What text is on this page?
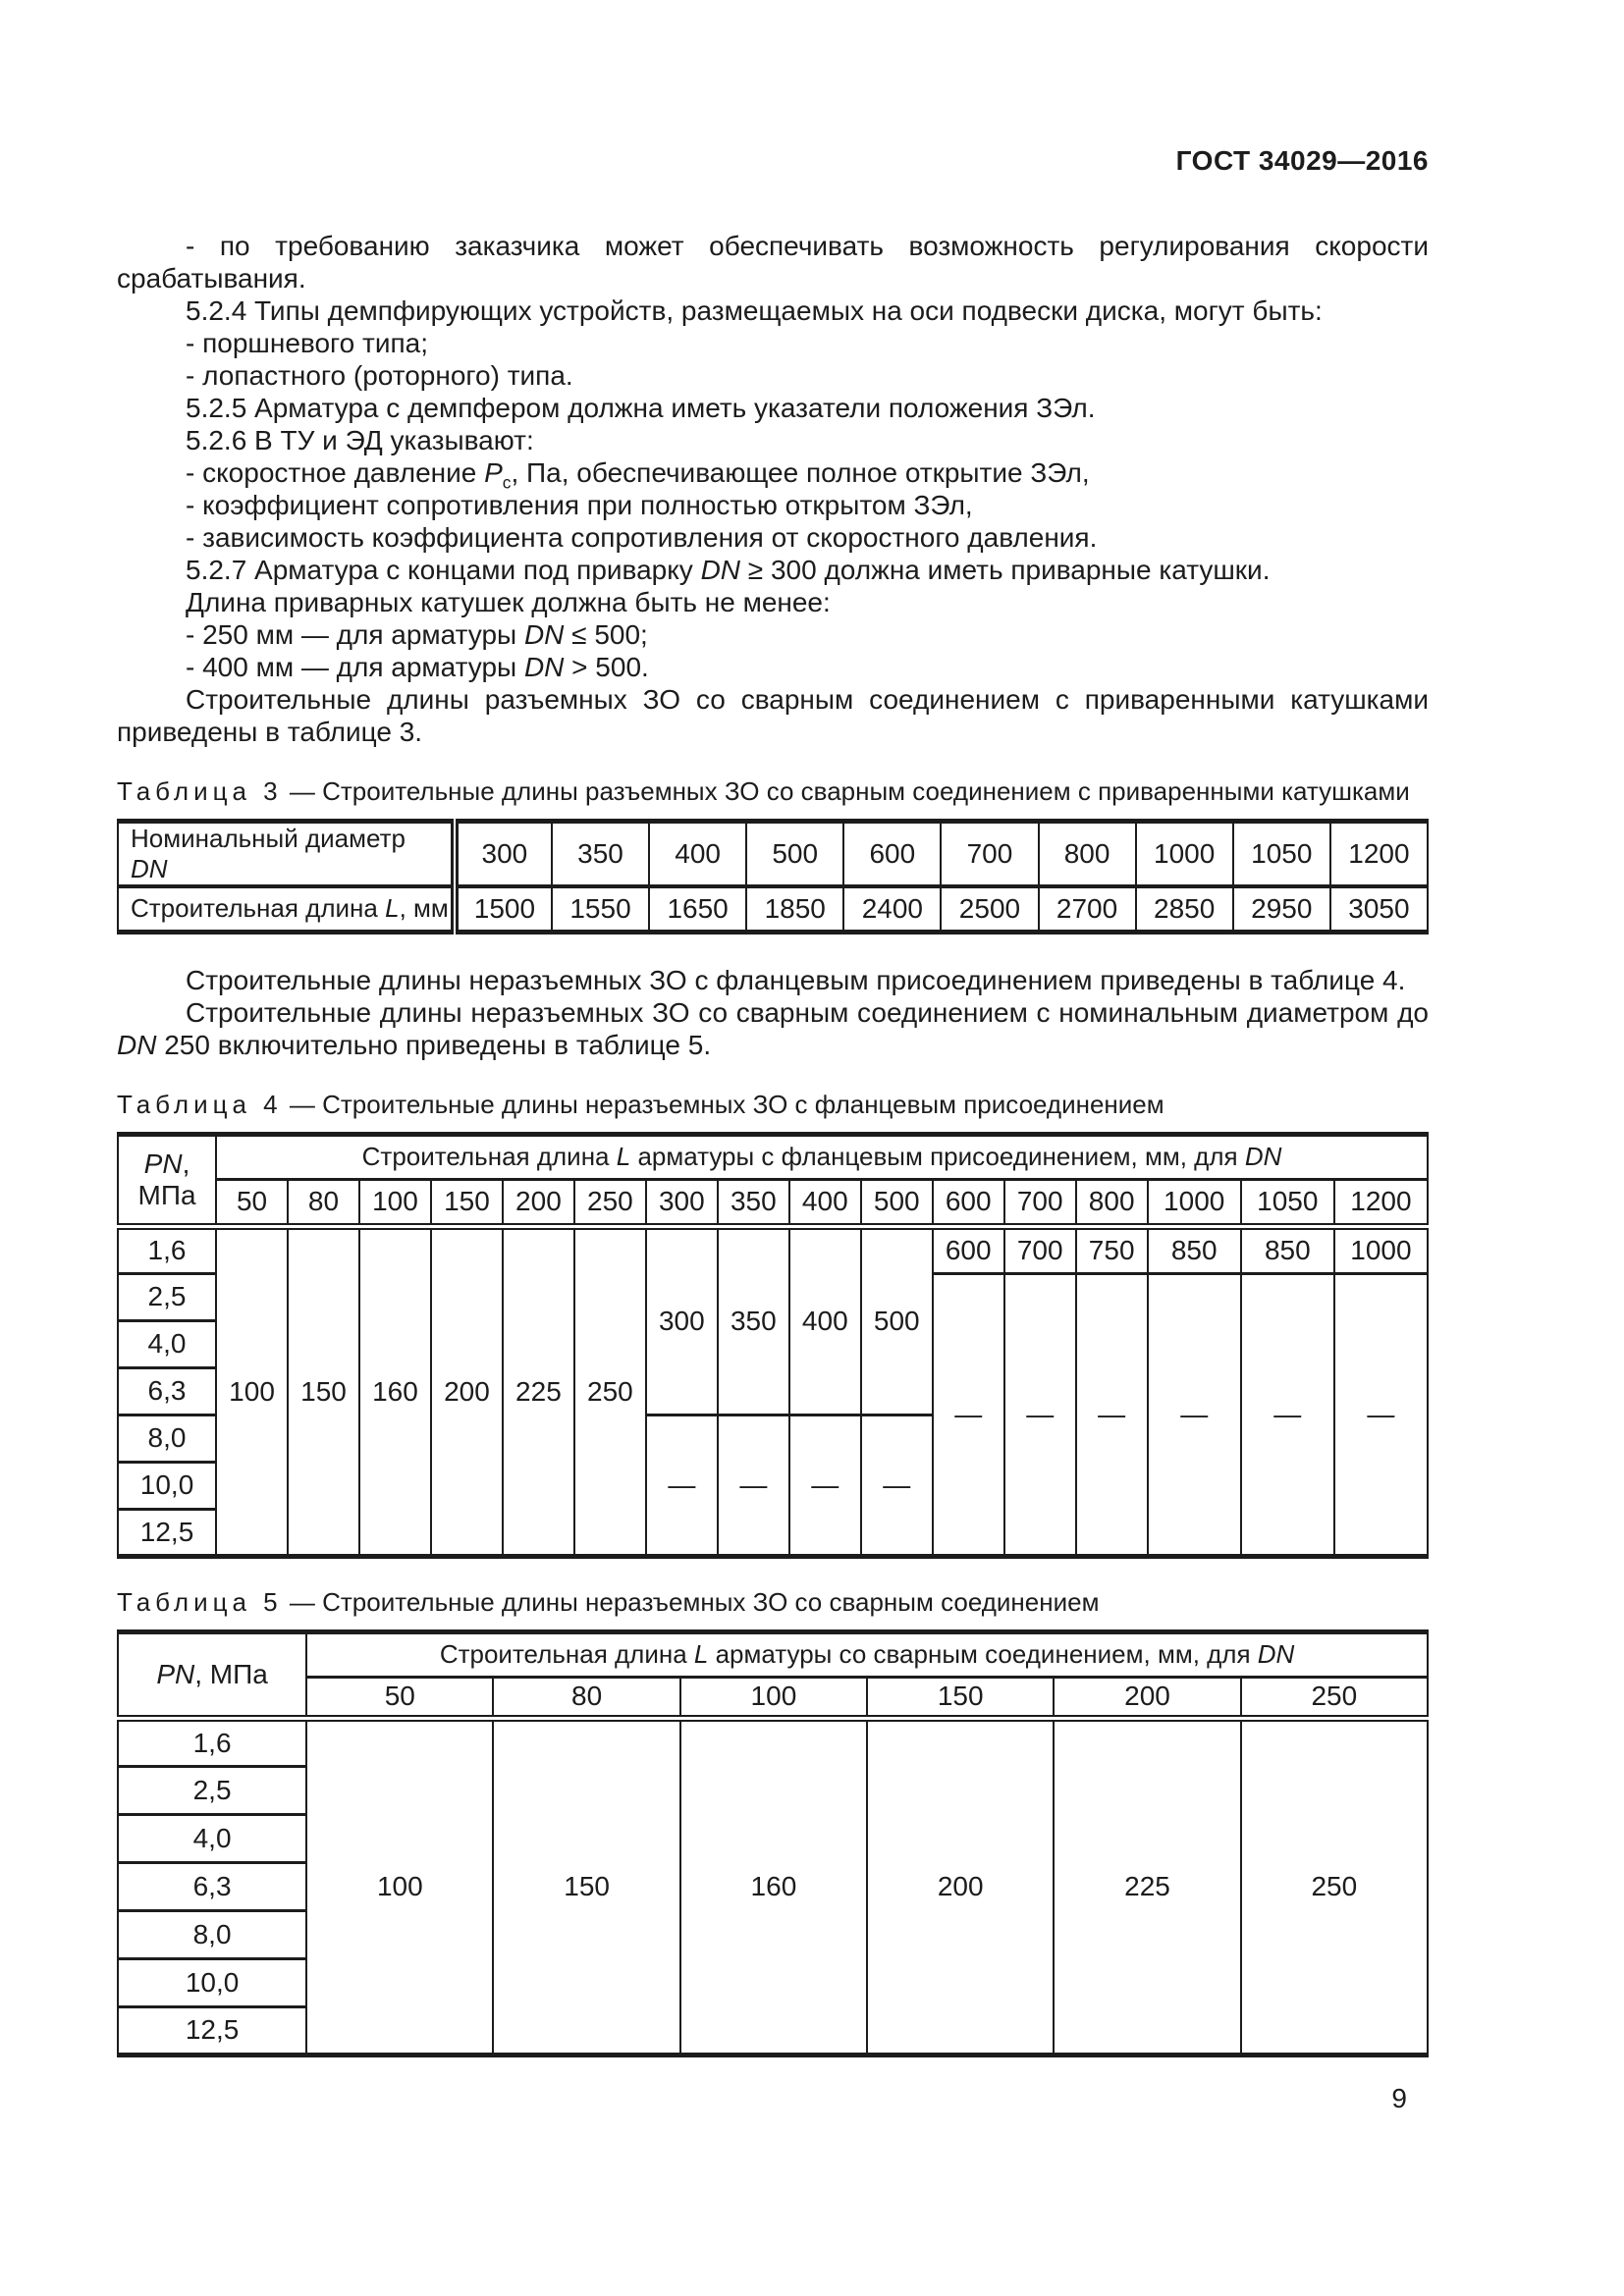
ГОСТ 34029—2016

- по требованию заказчика может обеспечивать возможность регулирования скорости срабатывания.

5.2.4 Типы демпфирующих устройств, размещаемых на оси подвески диска, могут быть:

- поршневого типа;

- лопастного (роторного) типа.

5.2.5 Арматура с демпфером должна иметь указатели положения ЗЭл.

5.2.6 В ТУ и ЭД указывают:

- скоростное давление $P_с$, Па, обеспечивающее полное открытие ЗЭл,

- коэффициент сопротивления при полностью открытом ЗЭл,

- зависимость коэффициента сопротивления от скоростного давления.

5.2.7 Арматура с концами под приварку DN ≥ 300 должна иметь приварные катушки.

Длина приварных катушек должна быть не менее:

- 250 мм — для арматуры DN ≤ 500;

- 400 мм — для арматуры DN > 500.

Строительные длины разъемных ЗО со сварным соединением с приваренными катушками приведены в таблице 3.

Таблица 3 — Строительные длины разъемных ЗО со сварным соединением с приваренными катушками
Номинальный диаметр DN	300	350	400	500	600	700	800	1000	1050	1200
Строительная длина L, мм	1500	1550	1650	1850	2400	2500	2700	2850	2950	3050

Строительные длины неразъемных ЗО с фланцевым присоединением приведены в таблице 4.

Строительные длины неразъемных ЗО со сварным соединением с номинальным диаметром до DN 250 включительно приведены в таблице 5.

Таблица 4 — Строительные длины неразъемных ЗО с фланцевым присоединением
PN,
МПа	Строительная длина L арматуры с фланцевым присоединением, мм, для DN															
	50	80	100	150	200	250	300	350	400	500	600	700	800	1000	1050	1200
1,6	100	150	160	200	225	250	300	350	400	500	600	700	750	850	850	1000
2,5											—	—	—	—	—	—
4,0																
6,3																
8,0							—	—	—	—						
10,0																
12,5																
Таблица 5 — Строительные длины неразъемных ЗО со сварным соединением
PN, МПа	Строительная длина L арматуры со сварным соединением, мм, для DN					
	50	80	100	150	200	250
1,6	100	150	160	200	225	250
2,5						
4,0						
6,3						
8,0						
10,0						
12,5						
9
